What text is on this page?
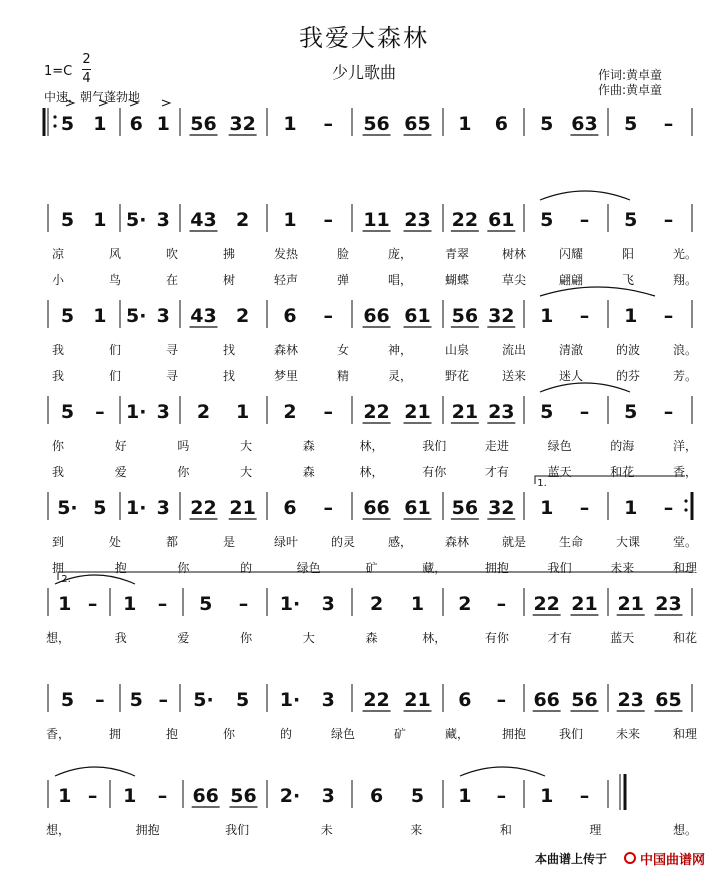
我爱大森林
少儿歌曲
1=C
2
4
中速，朝气蓬勃地
作词:黄卓童
作曲:黄卓童
5 1 6 1 56 32 1 – 56 65 1 6 5 63 5 –
5 1 5· 3 43 2 1 – 11 23 22 61 5 – 5 –
凉	风	吹	拂	发热	脸	庞，	青翠	树林	闪耀	阳	光。
小	鸟	在	树	轻声	弹	唱，	蝴蝶	草尖	翩翩	飞	翔。
5 1 5· 3 43 2 6 – 66 61 56 32 1 – 1 –
我	们	寻	找	森林	女	神，	山泉	流出	清澈	的波	浪。
我	们	寻	找	梦里	精	灵，	野花	送来	迷人	的芬	芳。
5 – 1· 3 2 1 2 – 22 21 21 23 5 – 5 –
你	好	吗	大	森	林，	我们	走进	绿色	的海	洋，
我	爱	你	大	森	林，	有你	才有	蓝天	和花	香，
5· 5 1· 3 22 21 6 – 66 61 56 32 1 – 1 –
到	处	都	是	绿叶	的灵	感，	森林	就是	生命	大课	堂。
拥	抱	你	的	绿色	矿	藏，	拥抱	我们	未来	和理
1 – 1 – 5 – 1· 3 2 1 2 – 22 21 21 23
想，	我	爱	你	大	森	林，	有你	才有	蓝天	和花
5 – 5 – 5· 5 1· 3 22 21 6 – 66 56 23 65
香，	拥	抱	你	的	绿色	矿	藏，	拥抱	我们	未来	和理
1 – 1 – 66 56 2· 3 6 5 1 – 1 –
想，	拥抱	我们	未	来	和	理	想。
1.
2.
本曲谱上传于	中国曲谱网
